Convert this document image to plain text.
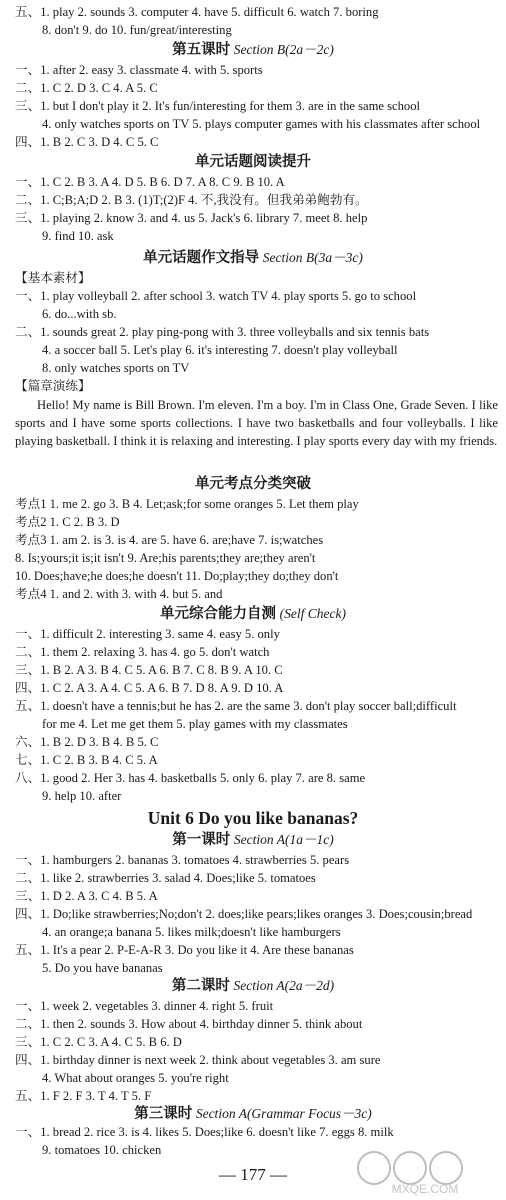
五、1. play 2. sounds 3. computer 4. have 5. difficult 6. watch 7. boring
8. don't 9. do 10. fun/great/interesting
第五课时 Section B(2a－2c)
一、1. after 2. easy 3. classmate 4. with 5. sports
二、1. C 2. D 3. C 4. A 5. C
三、1. but I don't play it 2. It's fun/interesting for them 3. are in the same school
4. only watches sports on TV 5. plays computer games with his classmates after school
四、1. B 2. C 3. D 4. C 5. C
单元话题阅读提升
一、1. C 2. B 3. A 4. D 5. B 6. D 7. A 8. C 9. B 10. A
二、1. C;B;A;D 2. B 3. (1)T;(2)F 4. 不,我没有。但我弟弟鲍勃有。
三、1. playing 2. know 3. and 4. us 5. Jack's 6. library 7. meet 8. help
9. find 10. ask
单元话题作文指导 Section B(3a－3c)
【基本素材】
一、1. play volleyball 2. after school 3. watch TV 4. play sports 5. go to school
6. do...with sb.
二、1. sounds great 2. play ping-pong with 3. three volleyballs and six tennis bats
4. a soccer ball 5. Let's play 6. it's interesting 7. doesn't play volleyball
8. only watches sports on TV
【篇章演练】
Hello! My name is Bill Brown. I'm eleven. I'm a boy. I'm in Class One, Grade Seven. I like sports and I have some sports collections. I have two basketballs and four volleyballs. I like playing basketball. I think it is relaxing and interesting. I play sports every day with my friends.
单元考点分类突破
考点1 1. me 2. go 3. B 4. Let;ask;for some oranges 5. Let them play
考点2 1. C 2. B 3. D
考点3 1. am 2. is 3. is 4. are 5. have 6. are;have 7. is;watches
8. Is;yours;it is;it isn't 9. Are;his parents;they are;they aren't
10. Does;have;he does;he doesn't 11. Do;play;they do;they don't
考点4 1. and 2. with 3. with 4. but 5. and
单元综合能力自测 (Self Check)
一、1. difficult 2. interesting 3. same 4. easy 5. only
二、1. them 2. relaxing 3. has 4. go 5. don't watch
三、1. B 2. A 3. B 4. C 5. A 6. B 7. C 8. B 9. A 10. C
四、1. C 2. A 3. A 4. C 5. A 6. B 7. D 8. A 9. D 10. A
五、1. doesn't have a tennis;but he has 2. are the same 3. don't play soccer ball;difficult
for me 4. Let me get them 5. play games with my classmates
六、1. B 2. D 3. B 4. B 5. C
七、1. C 2. B 3. B 4. C 5. A
八、1. good 2. Her 3. has 4. basketballs 5. only 6. play 7. are 8. same
9. help 10. after
Unit 6 Do you like bananas?
第一课时 Section A(1a－1c)
一、1. hamburgers 2. bananas 3. tomatoes 4. strawberries 5. pears
二、1. like 2. strawberries 3. salad 4. Does;like 5. tomatoes
三、1. D 2. A 3. C 4. B 5. A
四、1. Do;like strawberries;No;don't 2. does;like pears;likes oranges 3. Does;cousin;bread
4. an orange;a banana 5. likes milk;doesn't like hamburgers
五、1. It's a pear 2. P-E-A-R 3. Do you like it 4. Are these bananas
5. Do you have bananas
第二课时 Section A(2a－2d)
一、1. week 2. vegetables 3. dinner 4. right 5. fruit
二、1. then 2. sounds 3. How about 4. birthday dinner 5. think about
三、1. C 2. C 3. A 4. C 5. B 6. D
四、1. birthday dinner is next week 2. think about vegetables 3. am sure
4. What about oranges 5. you're right
五、1. F 2. F 3. T 4. T 5. F
第三课时 Section A(Grammar Focus－3c)
一、1. bread 2. rice 3. is 4. likes 5. Does;like 6. doesn't like 7. eggs 8. milk
9. tomatoes 10. chicken
— 177 —
MXQE.COM
